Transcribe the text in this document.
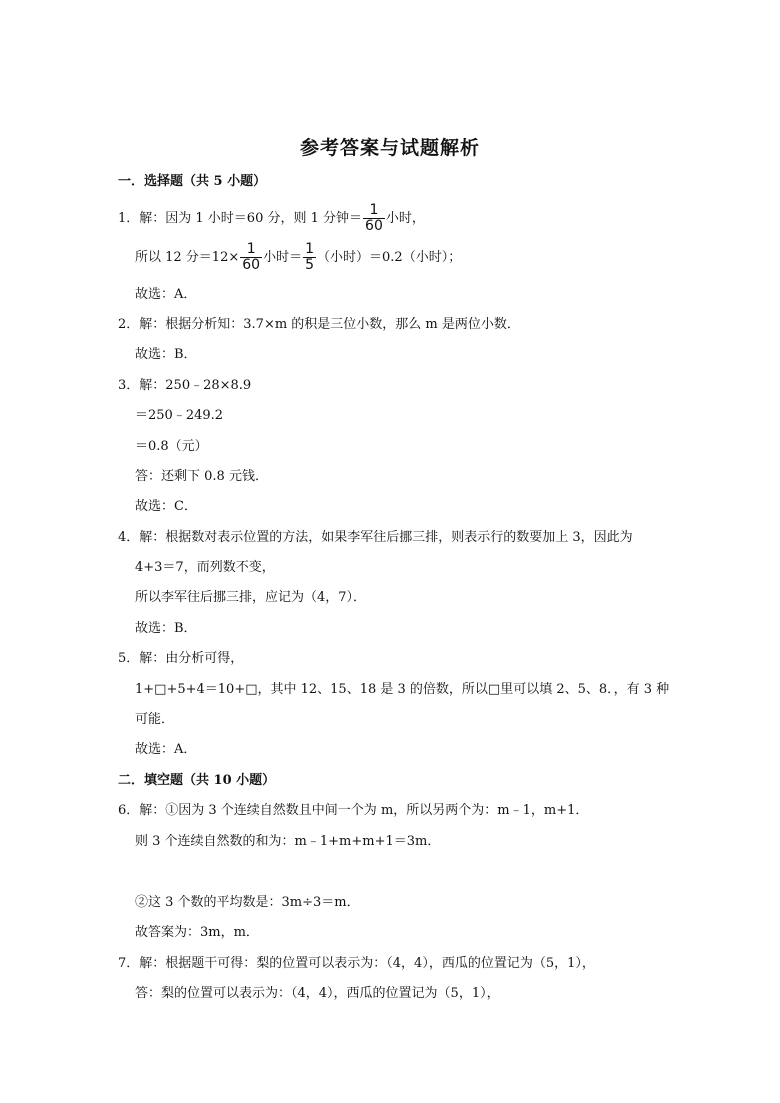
参考答案与试题解析
一．选择题（共 5 小题）
1．解：因为 1 小时＝60 分，则 1 分钟＝ $\frac{1}{60}$ 小时，
所以 12 分$=12\times \frac{1}{60}$ 小时＝ $\frac{1}{5}$ （小时）＝0.2（小时）；
故选：A．
2．解：根据分析知：3.7×m 的积是三位小数，那么 m 是两位小数．
故选：B．
3．解：250﹣28×8.9
＝250﹣249.2
＝0.8（元）
答：还剩下 0.8 元钱．
故选：C．
4．解：根据数对表示位置的方法，如果李军往后挪三排，则表示行的数要加上 3，因此为
4+3＝7，而列数不变，
所以李军往后挪三排，应记为（4，7）．
故选：B．
5．解：由分析可得，
1+□+5+4＝10+□，其中 12、15、18 是 3 的倍数，所以□里可以填 2、5、8．，有 3 种
可能．
故选：A．
二．填空题（共 10 小题）
6．解：①因为 3 个连续自然数且中间一个为 m，所以另两个为：m﹣1，m+1．
则 3 个连续自然数的和为：m﹣1+m+m+1＝3m．
②这 3 个数的平均数是：3m÷3＝m．
故答案为：3m，m．
7．解：根据题干可得：梨的位置可以表示为：（4，4），西瓜的位置记为（5，1），
答：梨的位置可以表示为：（4，4），西瓜的位置记为（5，1），
